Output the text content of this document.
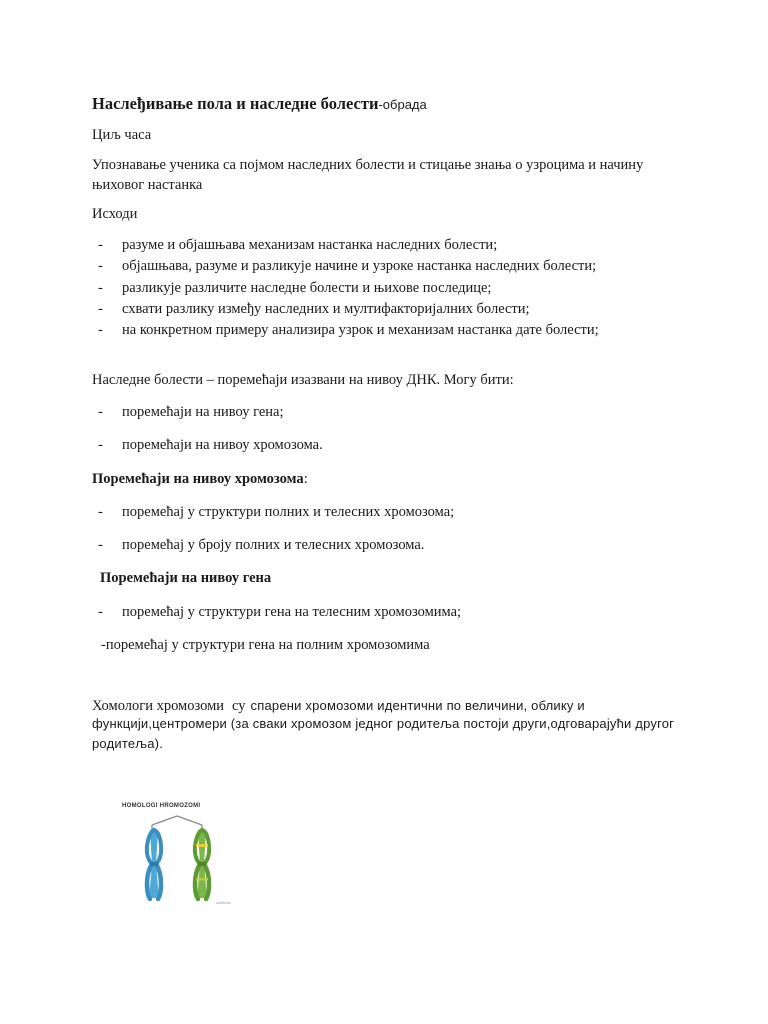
Наслеђивање пола и наследне болести-обрада
Циљ часа
Упознавање ученика са појмом наследних болести и стицање знања о узроцима и начину
њиховог настанка
Исходи
- разуме и објашњава механизам настанка наследних болести;
- објашњава, разуме и разликује начине и узроке настанка наследних болести;
- разликује различите наследне болести и њихове последице;
- схвати разлику између наследних и мултифакторијалних болести;
- на конкретном примеру анализира узрок и механизам настанка дате болести;
Наследне болести – поремећаји изазвани на нивоу ДНК. Могу бити:
- поремећаји на нивоу гена;
- поремећаји на нивоу хромозома.
Поремећаји на нивоу хромозома:
- поремећај у структури полних и телесних хромозома;
- поремећај у броју полних и телесних хромозома.
Поремећаји на нивоу гена
- поремећај у структури гена на телесним хромозомима;
-поремећај у структури гена на полним хромозомима
Хомологи хромозоми су спарени хромозоми идентични по величини, облику и
функцији,центромери (за сваки хромозом једног родитеља постоји други,одговарајући другог
родитеља).
HOMOLOGI HROMOZOMI
wikiHow
